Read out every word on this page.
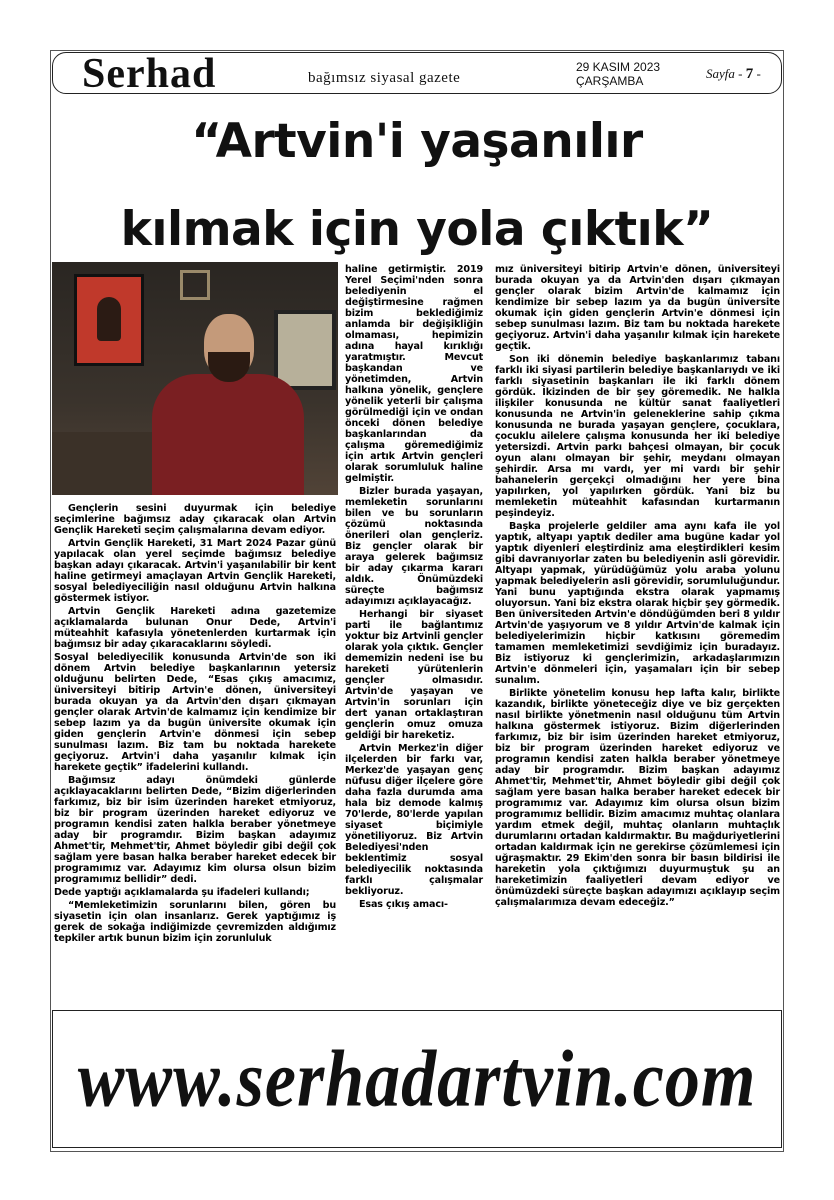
Serhad	bağımsız siyasal gazete
29 KASIM 2023
ÇARŞAMBA	Sayfa - 7 -
“Artvin'i yaşanılır
kılmak için yola çıktık”

Gençlerin sesini duyurmak için belediye seçimlerine bağımsız aday çıkaracak olan Artvin Gençlik Hareketi seçim çalışmalarına devam ediyor.

Artvin Gençlik Hareketi, 31 Mart 2024 Pazar günü yapılacak olan yerel seçimde bağımsız belediye başkan adayı çıkaracak. Artvin'i yaşanılabilir bir kent haline getirmeyi amaçlayan Artvin Gençlik Hareketi, sosyal belediyeciliğin nasıl olduğunu Artvin halkına göstermek istiyor.

Artvin Gençlik Hareketi adına gazetemize açıklamalarda bulunan Onur Dede, Artvin'i müteahhit kafasıyla yönetenlerden kurtarmak için bağımsız bir aday çıkaracaklarını söyledi.

Sosyal belediyecilik konusunda Artvin'de son iki dönem Artvin belediye başkanlarının yetersiz olduğunu belirten Dede, “Esas çıkış amacımız, üniversiteyi bitirip Artvin'e dönen, üniversiteyi burada okuyan ya da Artvin'den dışarı çıkmayan gençler olarak Artvin'de kalmamız için kendimize bir sebep lazım ya da bugün üniversite okumak için giden gençlerin Artvin'e dönmesi için sebep sunulması lazım. Biz tam bu noktada harekete geçiyoruz. Artvin'i daha yaşanılır kılmak için harekete geçtik” ifadelerini kullandı.

Bağımsız adayı önümdeki günlerde açıklayacaklarını belirten Dede, “Bizim diğerlerinden farkımız, biz bir isim üzerinden hareket etmiyoruz, biz bir program üzerinden hareket ediyoruz ve programın kendisi zaten halkla beraber yönetmeye aday bir programdır. Bizim başkan adayımız Ahmet'tir, Mehmet'tir, Ahmet böyledir gibi değil çok sağlam yere basan halka beraber hareket edecek bir programımız var. Adayımız kim olursa olsun bizim programımız bellidir” dedi.

Dede yaptığı açıklamalarda şu ifadeleri kullandı;

“Memleketimizin sorunlarını bilen, gören bu siyasetin için olan insanlarız. Gerek yaptığımız iş gerek de sokağa indiğimizde çevremizden aldığımız tepkiler artık bunun bizim için zorunluluk

haline getirmiştir. 2019 Yerel Seçimi'nden sonra belediyenin el değiştirmesine rağmen bizim beklediğimiz anlamda bir değişikliğin olmaması, hepimizin adına hayal kırıklığı yaratmıştır. Mevcut başkandan ve yönetimden, Artvin halkına yönelik, gençlere yönelik yeterli bir çalışma görülmediği için ve ondan önceki dönen belediye başkanlarından da çalışma göremediğimiz için artık Artvin gençleri olarak sorumluluk haline gelmiştir.

Bizler burada yaşayan, memleketin sorunlarını bilen ve bu sorunların çözümü noktasında önerileri olan gençleriz. Biz gençler olarak bir araya gelerek bağımsız bir aday çıkarma kararı aldık. Önümüzdeki süreçte bağımsız adayımızı açıklayacağız.

Herhangi bir siyaset parti ile bağlantımız yoktur biz Artvinli gençler olarak yola çıktık. Gençler dememizin nedeni ise bu hareketi yürütenlerin gençler olmasıdır. Artvin'de yaşayan ve Artvin'in sorunları için dert yanan ortaklaştıran gençlerin omuz omuza geldiği bir hareketiz.

Artvin Merkez'in diğer ilçelerden bir farkı var, Merkez'de yaşayan genç nüfusu diğer ilçelere göre daha fazla durumda ama hala biz demode kalmış 70'lerde, 80'lerde yapılan siyaset biçimiyle yönetiliyoruz. Biz Artvin Belediyesi'nden beklentimiz sosyal belediyecilik noktasında farklı çalışmalar bekliyoruz.

Esas çıkış amacı-

mız üniversiteyi bitirip Artvin'e dönen, üniversiteyi burada okuyan ya da Artvin'den dışarı çıkmayan gençler olarak bizim Artvin'de kalmamız için kendimize bir sebep lazım ya da bugün üniversite okumak için giden gençlerin Artvin'e dönmesi için sebep sunulması lazım. Biz tam bu noktada harekete geçiyoruz. Artvin'i daha yaşanılır kılmak için harekete geçtik.

Son iki dönemin belediye başkanlarımız tabanı farklı iki siyasi partilerin belediye başkanlarıydı ve iki farklı siyasetinin başkanları ile iki farklı dönem gördük. İkizinden de bir şey göremedik. Ne halkla ilişkiler konusunda ne kültür sanat faaliyetleri konusunda ne Artvin'in geleneklerine sahip çıkma konusunda ne burada yaşayan gençlere, çocuklara, çocuklu ailelere çalışma konusunda her iki belediye yetersizdi. Artvin parkı bahçesi olmayan, bir çocuk oyun alanı olmayan bir şehir, meydanı olmayan şehirdir. Arsa mı vardı, yer mi vardı bir şehir bahanelerin gerçekçi olmadığını her yere bina yapılırken, yol yapılırken gördük. Yani biz bu memleketin müteahhit kafasından kurtarmanın peşindeyiz.

Başka projelerle geldiler ama aynı kafa ile yol yaptık, altyapı yaptık dediler ama bugüne kadar yol yaptık diyenleri eleştirdiniz ama eleştirdikleri kesim gibi davranıyorlar zaten bu belediyenin asli görevidir. Altyapı yapmak, yürüdüğümüz yolu araba yolunu yapmak belediyelerin asli görevidir, sorumluluğundur. Yani bunu yaptığında ekstra olarak yapmamış oluyorsun. Yani biz ekstra olarak hiçbir şey görmedik. Ben üniversiteden Artvin'e döndüğümden beri 8 yıldır Artvin'de yaşıyorum ve 8 yıldır Artvin'de kalmak için belediyelerimizin hiçbir katkısını göremedim tamamen memleketimizi sevdiğimiz için buradayız. Biz istiyoruz ki gençlerimizin, arkadaşlarımızın Artvin'e dönmeleri için, yaşamaları için bir sebep sunalım.

Birlikte yönetelim konusu hep lafta kalır, birlikte kazandık, birlikte yöneteceğiz diye ve biz gerçekten nasıl birlikte yönetmenin nasıl olduğunu tüm Artvin halkına göstermek istiyoruz. Bizim diğerlerinden farkımız, biz bir isim üzerinden hareket etmiyoruz, biz bir program üzerinden hareket ediyoruz ve programın kendisi zaten halkla beraber yönetmeye aday bir programdır. Bizim başkan adayımız Ahmet'tir, Mehmet'tir, Ahmet böyledir gibi değil çok sağlam yere basan halka beraber hareket edecek bir programımız var. Adayımız kim olursa olsun bizim programımız bellidir. Bizim amacımız muhtaç olanlara yardım etmek değil, muhtaç olanların muhtaçlık durumlarını ortadan kaldırmaktır. Bu mağduriyetlerini ortadan kaldırmak için ne gerekirse çözümlemesi için uğraşmaktır. 29 Ekim'den sonra bir basın bildirisi ile hareketin yola çıktığımızı duyurmuştuk şu an hareketimizin faaliyetleri devam ediyor ve önümüzdeki süreçte başkan adayımızı açıklayıp seçim çalışmalarımıza devam edeceğiz.”

www.serhadartvin.com
